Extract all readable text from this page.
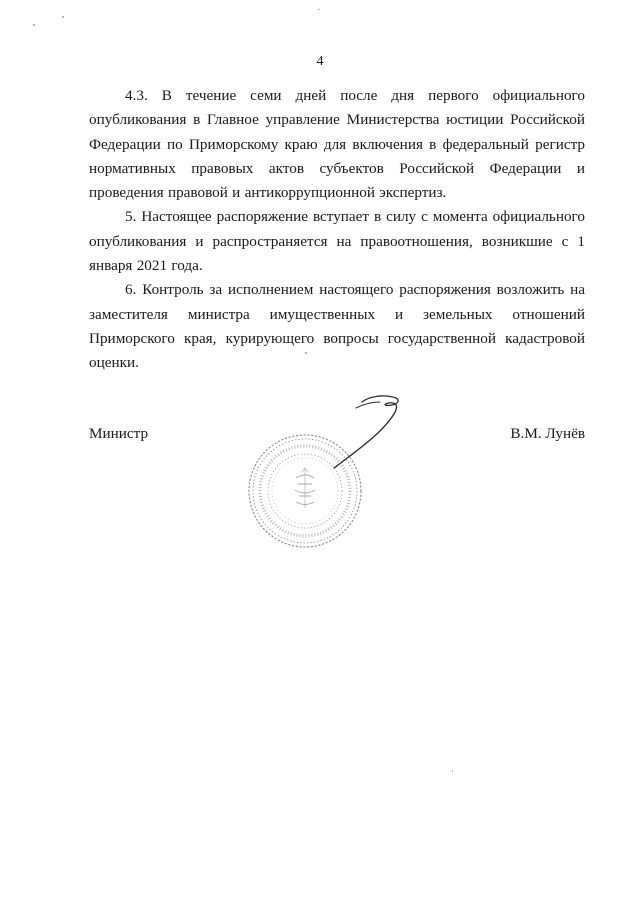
4

4.3. В течение семи дней после дня первого официального опубликования в Главное управление Министерства юстиции Российской Федерации по Приморскому краю для включения в федеральный регистр нормативных правовых актов субъектов Российской Федерации и проведения правовой и антикоррупционной экспертиз.

5. Настоящее распоряжение вступает в силу с момента официального опубликования и распространяется на правоотношения, возникшие с 1 января 2021 года.

6. Контроль за исполнением настоящего распоряжения возложить на заместителя министра имущественных и земельных отношений Приморского края, курирующего вопросы государственной кадастровой оценки.

Министр	В.М. Лунёв
